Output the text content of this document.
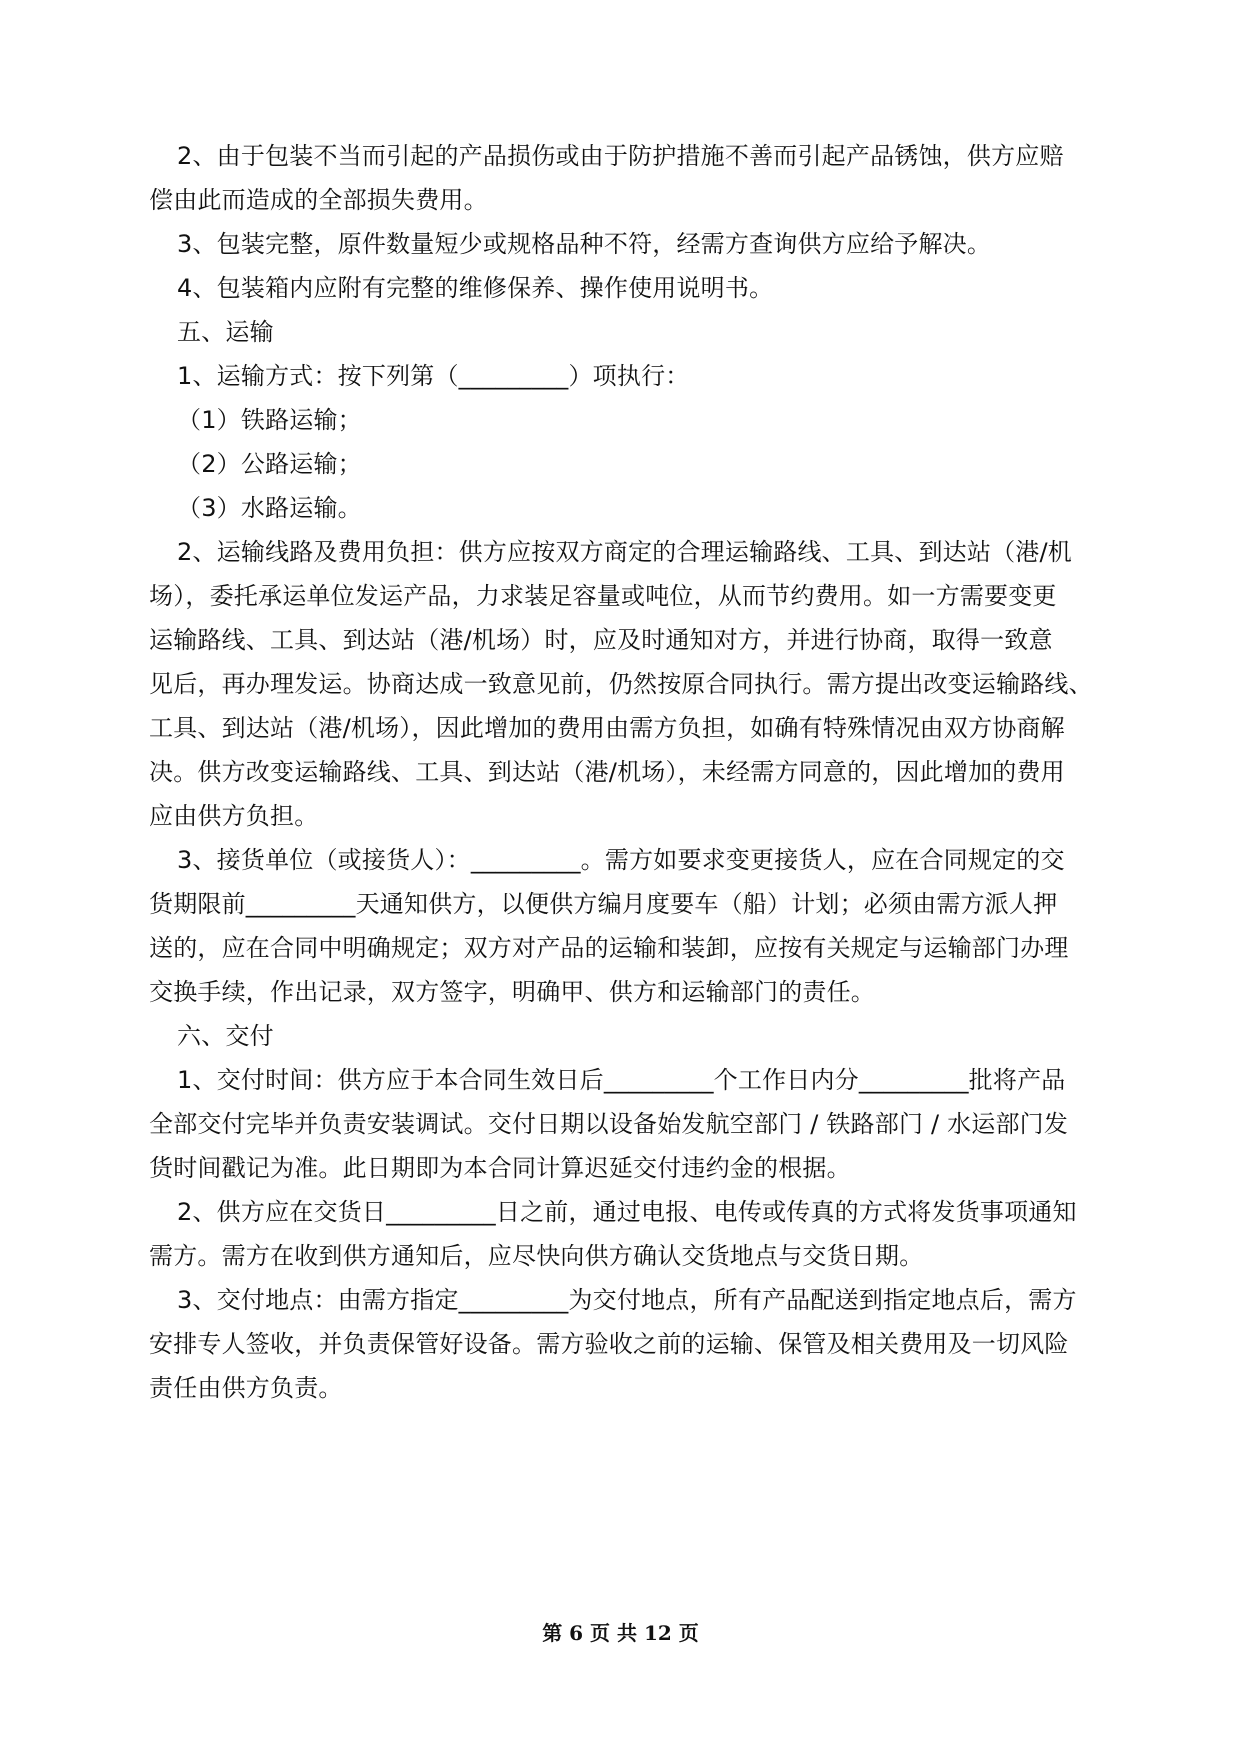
2、由于包装不当而引起的产品损伤或由于防护措施不善而引起产品锈蚀，供方应赔
偿由此而造成的全部损失费用。
3、包装完整，原件数量短少或规格品种不符，经需方查询供方应给予解决。
4、包装箱内应附有完整的维修保养、操作使用说明书。
五、运输
1、运输方式：按下列第（_________）项执行：
（1）铁路运输；
（2）公路运输；
（3）水路运输。
2、运输线路及费用负担：供方应按双方商定的合理运输路线、工具、到达站（港/机
场），委托承运单位发运产品，力求装足容量或吨位，从而节约费用。如一方需要变更
运输路线、工具、到达站（港/机场）时，应及时通知对方，并进行协商，取得一致意
见后，再办理发运。协商达成一致意见前，仍然按原合同执行。需方提出改变运输路线、
工具、到达站（港/机场），因此增加的费用由需方负担，如确有特殊情况由双方协商解
决。供方改变运输路线、工具、到达站（港/机场），未经需方同意的，因此增加的费用
应由供方负担。
3、接货单位（或接货人）：_________。需方如要求变更接货人，应在合同规定的交
货期限前_________天通知供方，以便供方编月度要车（船）计划；必须由需方派人押
送的，应在合同中明确规定；双方对产品的运输和装卸，应按有关规定与运输部门办理
交换手续，作出记录，双方签字，明确甲、供方和运输部门的责任。
六、交付
1、交付时间：供方应于本合同生效日后_________个工作日内分_________批将产品
全部交付完毕并负责安装调试。交付日期以设备始发航空部门 / 铁路部门 / 水运部门发
货时间戳记为准。此日期即为本合同计算迟延交付违约金的根据。
2、供方应在交货日_________日之前，通过电报、电传或传真的方式将发货事项通知
需方。需方在收到供方通知后，应尽快向供方确认交货地点与交货日期。
3、交付地点：由需方指定_________为交付地点，所有产品配送到指定地点后，需方
安排专人签收，并负责保管好设备。需方验收之前的运输、保管及相关费用及一切风险
责任由供方负责。
第 6 页 共 12 页
